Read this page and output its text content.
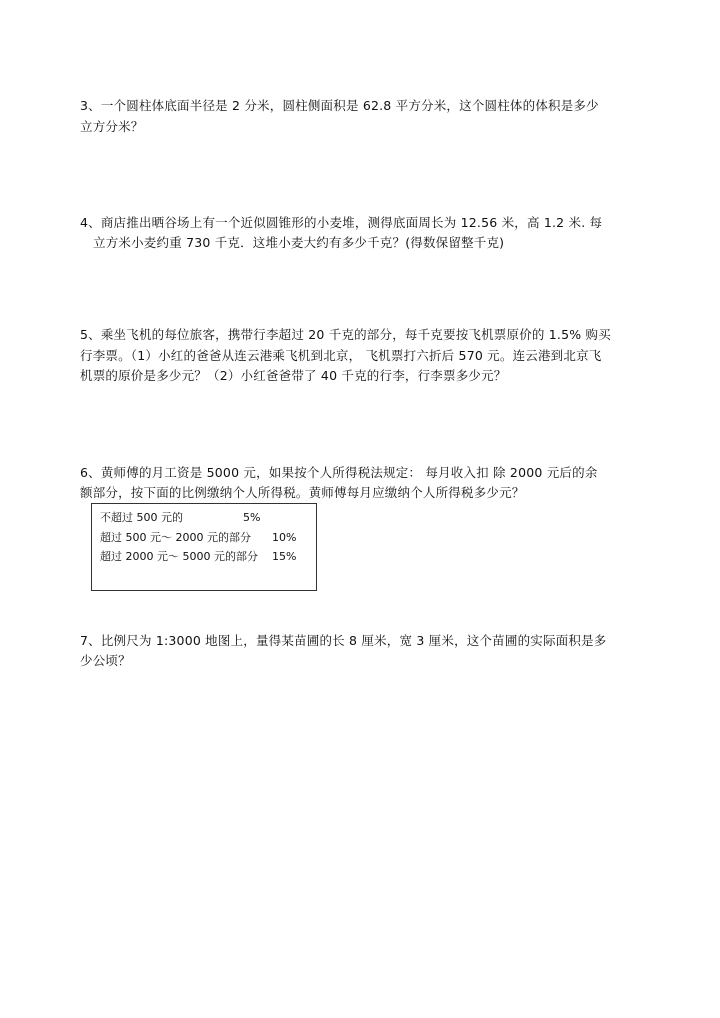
3、一个圆柱体底面半径是 2 分米，圆柱侧面积是 62.8 平方分米，这个圆柱体的体积是多少
立方分米？
4、商店推出晒谷场上有一个近似圆锥形的小麦堆，测得底面周长为 12.56 米，高 1.2 米. 每
立方米小麦约重 730 千克．这堆小麦大约有多少千克？(得数保留整千克)
5、乘坐飞机的每位旅客，携带行李超过 20 千克的部分，每千克要按飞机票原价的 1.5% 购买
行李票。（1）小红的爸爸从连云港乘飞机到北京， 飞机票打六折后 570 元。连云港到北京飞
机票的原价是多少元？（2）小红爸爸带了 40 千克的行李，行李票多少元？
6、黄师傅的月工资是 5000 元，如果按个人所得税法规定： 每月收入扣 除 2000 元后的余
额部分，按下面的比例缴纳个人所得税。黄师傅每月应缴纳个人所得税多少元？
不超过 500 元的	5%
超过 500 元～ 2000 元的部分 10%
超过 2000 元～ 5000 元的部分 15%
7、比例尺为 1:3000 地图上，量得某苗圃的长 8 厘米，宽 3 厘米，这个苗圃的实际面积是多
少公顷？
